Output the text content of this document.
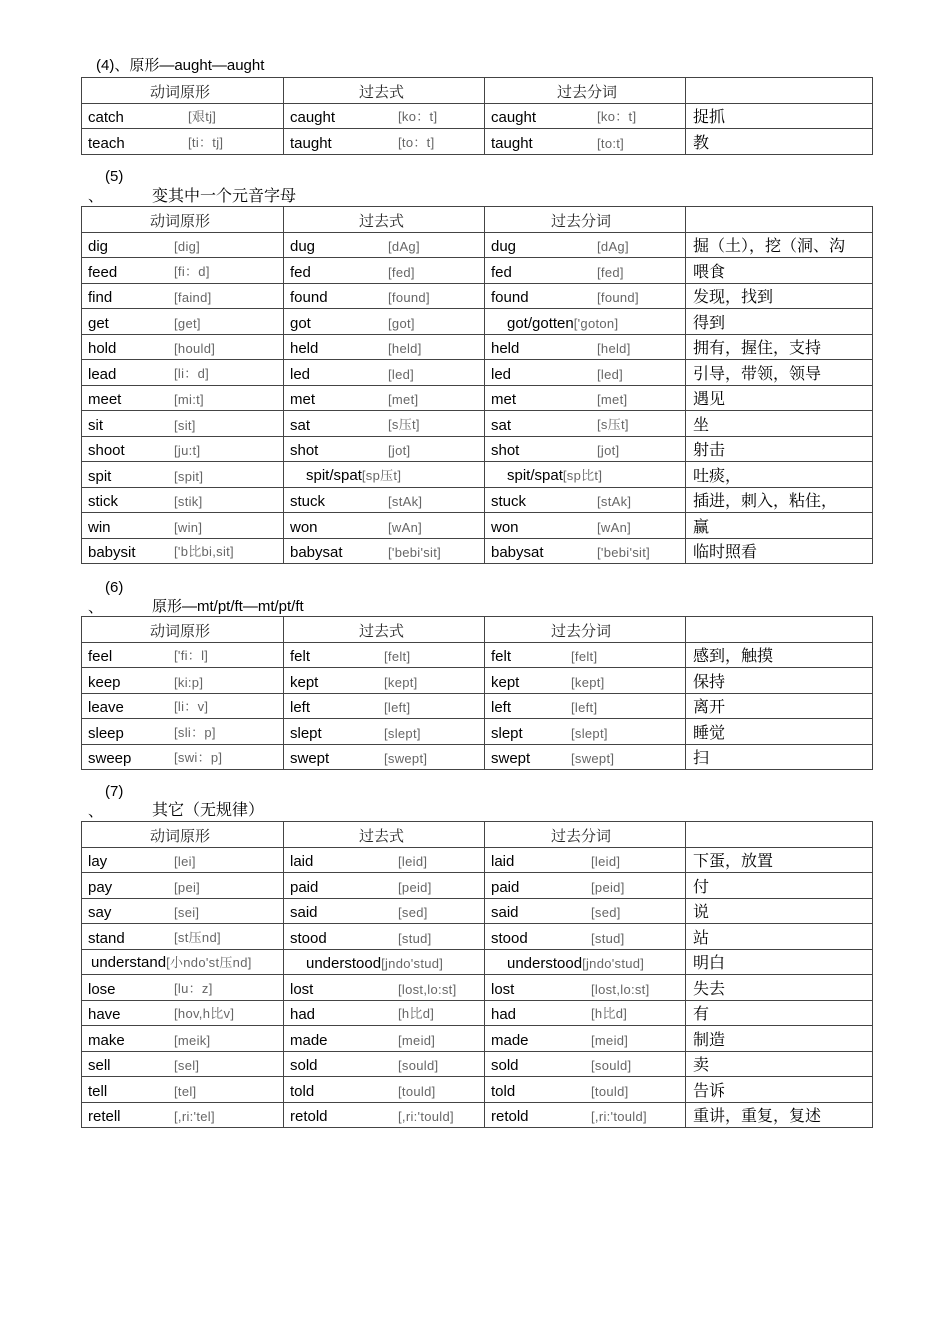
(4)、原形—aught—aught
动词原形	过去式	过去分词	

catch [艰tj]	caught [ko：t]	caught [ko：t]	捉抓

teach [ti：tj]	taught [to：t]	taught [to:t]	教
(5)
、	变其中一个元音字母
动词原形	过去式	过去分词	

dig [dig]	dug [dAg]	dug [dAg]	掘（土），挖（洞、沟

feed [fi：d]	fed [fed]	fed [fed]	喂食

find [faind]	found [found]	found [found]	发现，找到

get [get]	got [got]	got/gotten['goton]	得到

hold [hould]	held [held]	held [held]	拥有，握住，支持

lead [li：d]	led [led]	led [led]	引导，带领，领导

meet [mi:t]	met [met]	met [met]	遇见

sit [sit]	sat [s压t]	sat [s压t]	坐

shoot [ju:t]	shot [jot]	shot [jot]	射击

spit [spit]	spit/spat[sp压t]	spit/spat[sp比t]	吐痰，

stick [stik]	stuck [stAk]	stuck [stAk]	插进，刺入，粘住，

win [win]	won [wAn]	won [wAn]	赢

babysit ['b比bi,sit]	babysat ['bebi'sit]	babysat ['bebi'sit]	临时照看
(6)
、	原形—mt/pt/ft—mt/pt/ft
动词原形	过去式	过去分词	

feel ['fi：l]	felt [felt]	felt [felt]	感到，触摸

keep [ki:p]	kept [kept]	kept [kept]	保持

leave [li：v]	left [left]	left [left]	离开

sleep [sli：p]	slept [slept]	slept [slept]	睡觉

sweep [swi：p]	swept [swept]	swept [swept]	扫
(7)
、	其它（无规律）
动词原形	过去式	过去分词	

lay [lei]	laid [leid]	laid [leid]	下蛋，放置

pay [pei]	paid [peid]	paid [peid]	付

say [sei]	said [sed]	said [sed]	说

stand [st压nd]	stood [stud]	stood [stud]	站

understand[小ndo'st压nd]	understood[jndo'stud]	understood[jndo'stud]	明白

lose [lu：z]	lost [lost,lo:st]	lost [lost,lo:st]	失去

have [hov,h比v]	had [h比d]	had [h比d]	有

make [meik]	made [meid]	made [meid]	制造

sell [sel]	sold [sould]	sold [sould]	卖

tell [tel]	told [tould]	told [tould]	告诉

retell [,ri:'tel]	retold [,ri:'tould]	retold [,ri:'tould]	重讲，重复，复述
